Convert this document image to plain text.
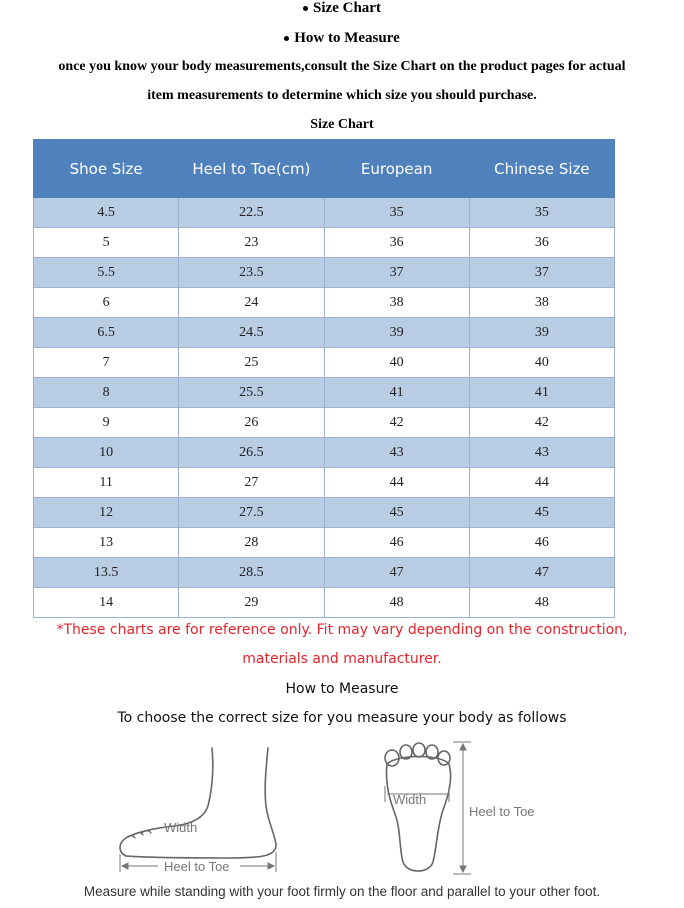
Size Chart
How to Measure
once you know your body measurements,consult the Size Chart on the product pages for actual
item measurements to determine which size you should purchase.
Size Chart
Shoe Size	Heel to Toe(cm)	European	Chinese Size
4.5	22.5	35	35
5	23	36	36
5.5	23.5	37	37
6	24	38	38
6.5	24.5	39	39
7	25	40	40
8	25.5	41	41
9	26	42	42
10	26.5	43	43
11	27	44	44
12	27.5	45	45
13	28	46	46
13.5	28.5	47	47
14	29	48	48
*These charts are for reference only. Fit may vary depending on the construction,
materials and manufacturer.
How to Measure
To choose the correct size for you measure your body as follows
Width
Heel to Toe
Width
Heel to Toe
Measure while standing with your foot firmly on the floor and parallel to your other foot.
